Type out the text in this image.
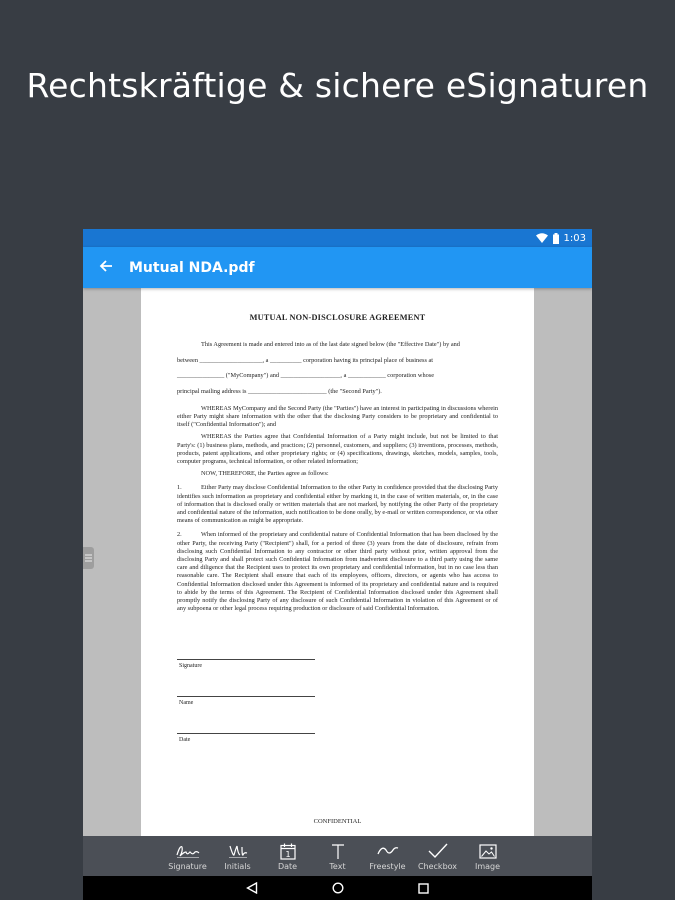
Rechtskräftige & sichere eSignaturen
1:03
Mutual NDA.pdf
MUTUAL NON-DISCLOSURE AGREEMENT

This Agreement is made and entered into as of the last date signed below (the "Effective Date") by and

between ____________________, a __________ corporation having its principal place of business at

_______________ ("MyCompany") and ___________________, a ____________ corporation whose

principal mailing address is _________________________ (the "Second Party").

WHEREAS MyCompany and the Second Party (the "Parties") have an interest in participating in discussions wherein either Party might share information with the other that the disclosing Party considers to be proprietary and confidential to itself ("Confidential Information"); and

WHEREAS the Parties agree that Confidential Information of a Party might include, but not be limited to that Party's: (1) business plans, methods, and practices; (2) personnel, customers, and suppliers; (3) inventions, processes, methods, products, patent applications, and other proprietary rights; or (4) specifications, drawings, sketches, models, samples, tools, computer programs, technical information, or other related information;

NOW, THEREFORE, the Parties agree as follows:

1.	Either Party may disclose Confidential Information to the other Party in confidence provided that the disclosing Party identifies such information as proprietary and confidential either by marking it, in the case of written materials, or, in the case of information that is disclosed orally or written materials that are not marked, by notifying the other Party of the proprietary and confidential nature of the information, such notification to be done orally, by e-mail or written correspondence, or via other means of communication as might be appropriate.

2.	When informed of the proprietary and confidential nature of Confidential Information that has been disclosed by the other Party, the receiving Party ("Recipient") shall, for a period of three (3) years from the date of disclosure, refrain from disclosing such Confidential Information to any contractor or other third party without prior, written approval from the disclosing Party and shall protect such Confidential Information from inadvertent disclosure to a third party using the same care and diligence that the Recipient uses to protect its own proprietary and confidential information, but in no case less than reasonable care. The Recipient shall ensure that each of its employees, officers, directors, or agents who has access to Confidential Information disclosed under this Agreement is informed of its proprietary and confidential nature and is required to abide by the terms of this Agreement. The Recipient of Confidential Information disclosed under this Agreement shall promptly notify the disclosing Party of any disclosure of such Confidential Information in violation of this Agreement or of any subpoena or other legal process requiring production or disclosure of said Confidential Information.

Signature
Name
Date
CONFIDENTIAL
Signature Initials
1
Date	Text	Freestyle Checkbox Image
